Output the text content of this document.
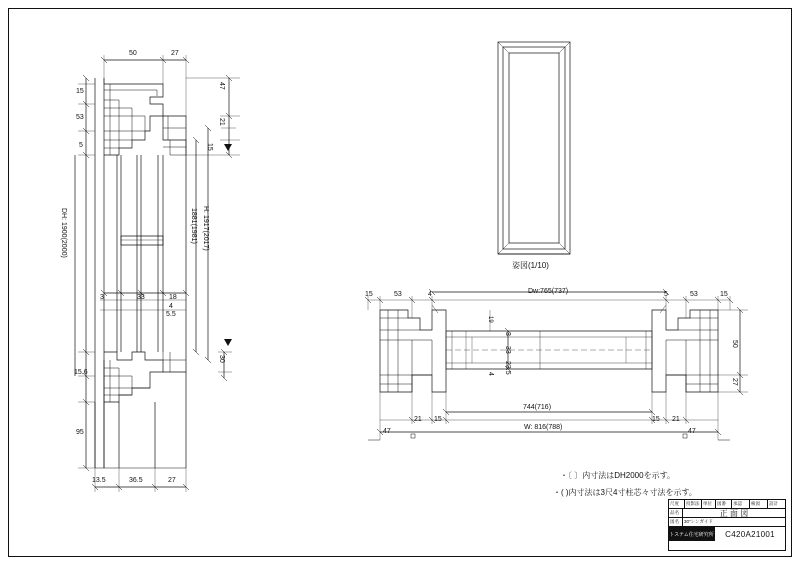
50	27
15
53
5
15.6
95
13.5	36.5	27
47
21
15
30
DH: 1900(2000)	1881(1981) H: 1917(2017)
3	33	18
4
5.5
姿図(1/10)
15	53	4	Dw:765(737)	5	53	15
21 15
744(716)
15 21
W: 816(788)
47	47
50
27
19
3
33
23.5
4
・〔 〕内寸法はDH2000を示す。
・( )内寸法は3尺4寸柱芯々寸法を示す。
尺度	投影法 単位	図番	承認	検図	設計
品名	正 面 図
図名	30"シンガイド
トステム住宅研究所	C420A21001
